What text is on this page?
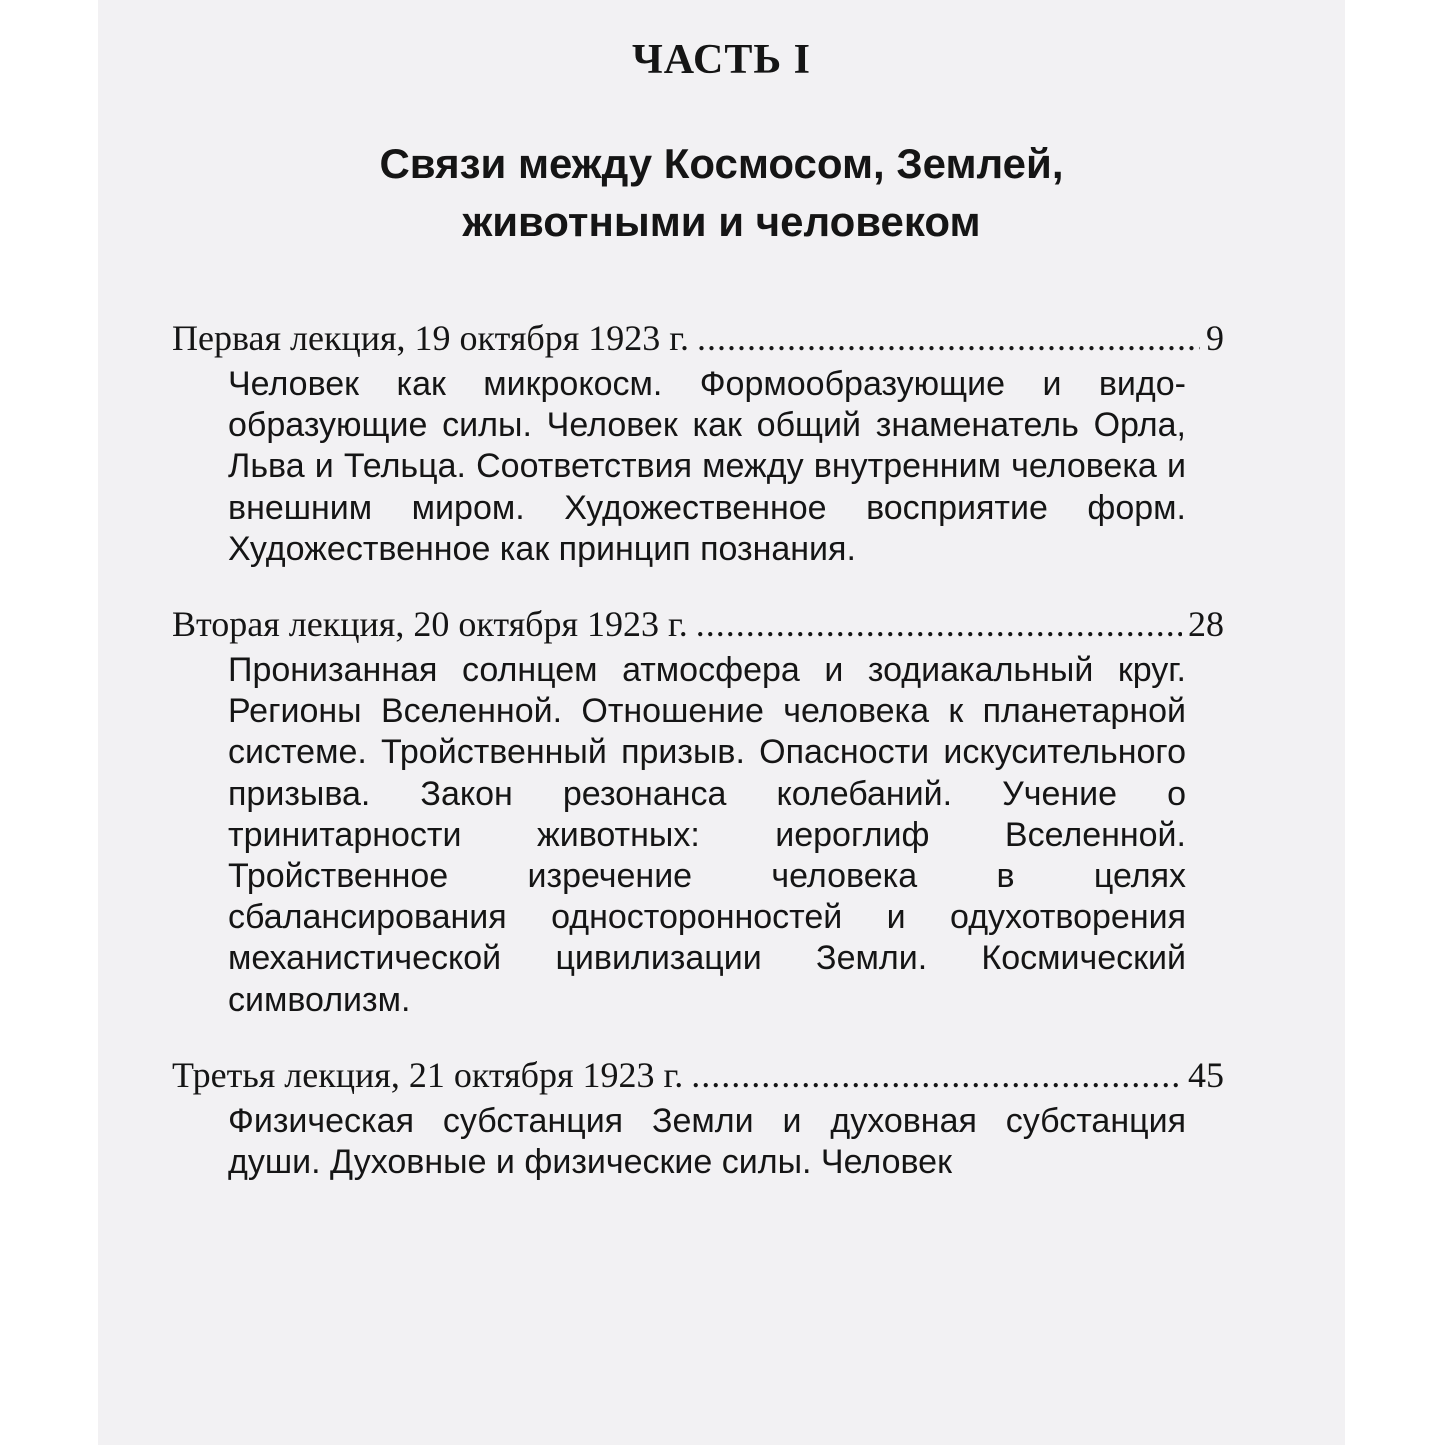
ЧАСТЬ I
Связи между Космосом, Землей,
животными и человеком
Первая лекция, 19 октября 1923 г. .....	9

Человек как микрокосм. Формообразующие и видообразующие силы. Человек как общий знаменатель Орла, Льва и Тельца. Соответствия между внутренним человека и внешним миром. Художественное восприятие форм. Художественное как принцип познания.

Вторая лекция, 20 октября 1923 г. .....	28

Пронизанная солнцем атмосфера и зодиакальный круг. Регионы Вселенной. Отношение человека к планетарной системе. Тройственный призыв. Опасности искусительного призыва. Закон резонанса колебаний. Учение о тринитарности животных: иероглиф Вселенной. Тройственное изречение человека в целях сбалансирования односторонностей и одухотворения механистической цивилизации Земли. Космический символизм.

Третья лекция, 21 октября 1923 г. .....	45

Физическая субстанция Земли и духовная субстанция души. Духовные и физические силы. Человек
